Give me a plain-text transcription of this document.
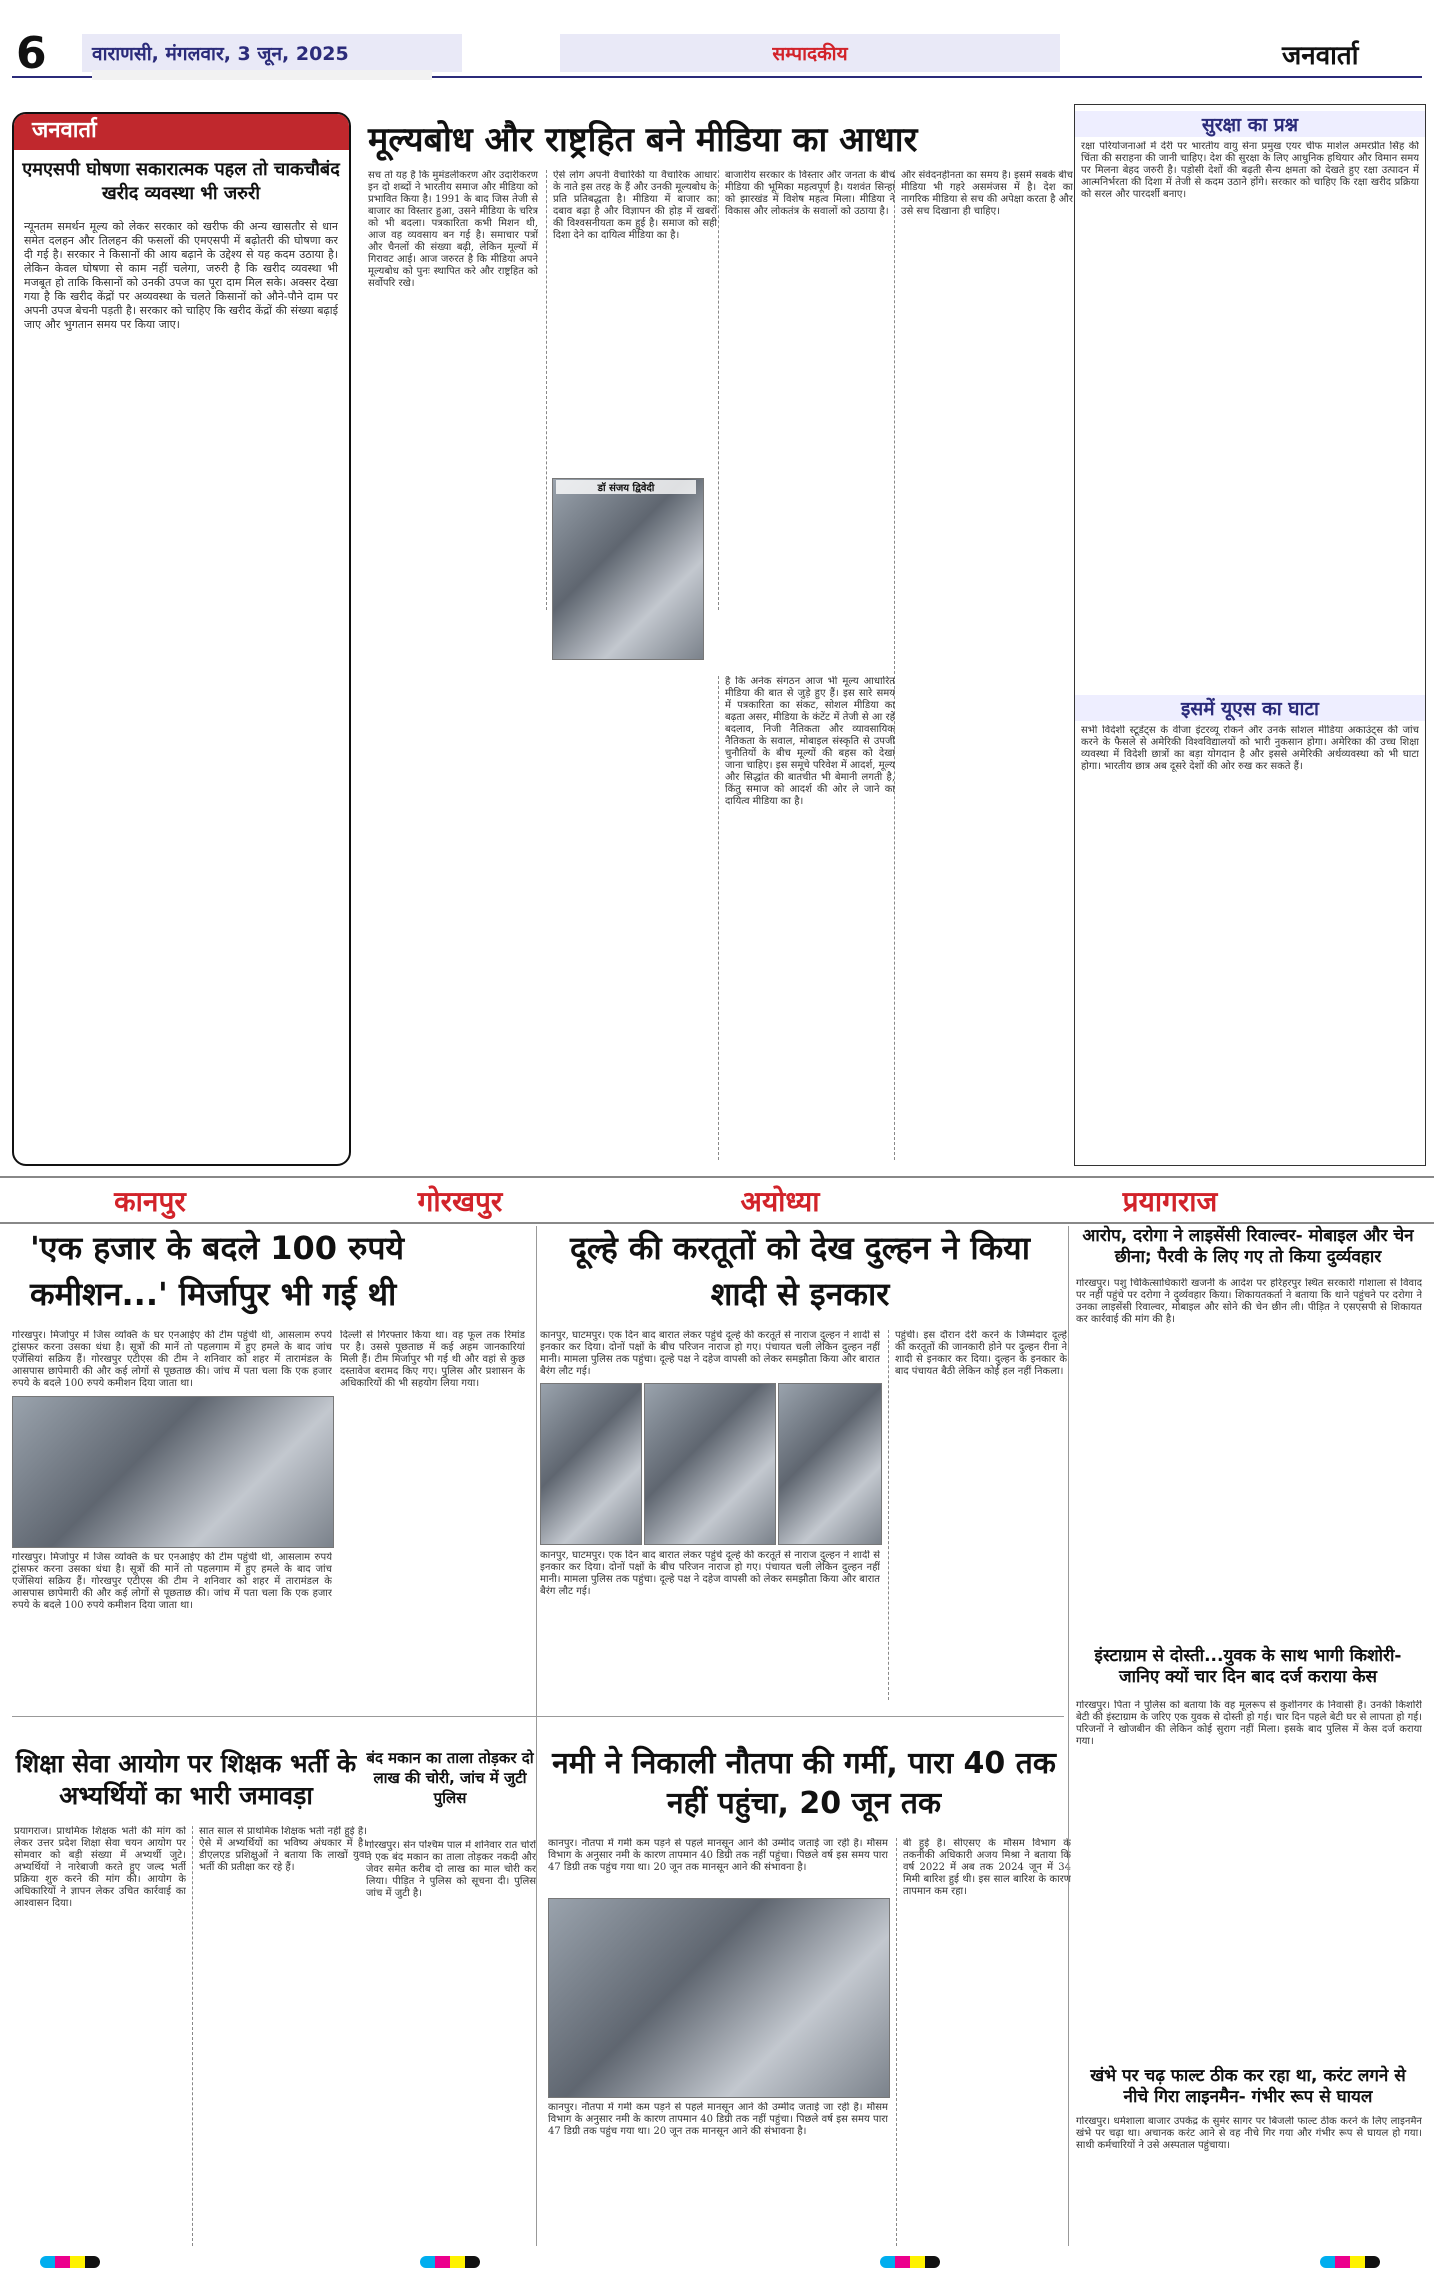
6	वाराणसी, मंगलवार, 3 जून, 2025	सम्पादकीय	जनवार्ता
जनवार्ता
एमएसपी घोषणा सकारात्मक पहल तो चाकचौबंद खरीद व्यवस्था भी जरुरी
न्यूनतम समर्थन मूल्य को लेकर सरकार को खरीफ की अन्य खासतौर से धान समेत दलहन और तिलहन की फसलों की एमएसपी में बढ़ोतरी की घोषणा कर दी गई है। सरकार ने किसानों की आय बढ़ाने के उद्देश्य से यह कदम उठाया है। लेकिन केवल घोषणा से काम नहीं चलेगा, जरुरी है कि खरीद व्यवस्था भी मजबूत हो ताकि किसानों को उनकी उपज का पूरा दाम मिल सके। अक्सर देखा गया है कि खरीद केंद्रों पर अव्यवस्था के चलते किसानों को औने-पौने दाम पर अपनी उपज बेचनी पड़ती है। सरकार को चाहिए कि खरीद केंद्रों की संख्या बढ़ाई जाए और भुगतान समय पर किया जाए।
मूल्यबोध और राष्ट्रहित बने मीडिया का आधार
सच तो यह है कि मुमंडलीकरण और उदारीकरण इन दो शब्दों ने भारतीय समाज और मीडिया को प्रभावित किया है। 1991 के बाद जिस तेजी से बाजार का विस्तार हुआ, उसने मीडिया के चरित्र को भी बदला। पत्रकारिता कभी मिशन थी, आज वह व्यवसाय बन गई है। समाचार पत्रों और चैनलों की संख्या बढ़ी, लेकिन मूल्यों में गिरावट आई। आज जरुरत है कि मीडिया अपने मूल्यबोध को पुनः स्थापित करे और राष्ट्रहित को सर्वोपरि रखे।
ऐसे लोग अपनी वैचारिकी या वैचारिक आधार के नाते इस तरह के हैं और उनकी मूल्यबोध के प्रति प्रतिबद्धता है। मीडिया में बाजार का दबाव बढ़ा है और विज्ञापन की होड़ में खबरों की विश्वसनीयता कम हुई है। समाज को सही दिशा देने का दायित्व मीडिया का है।
डॉ संजय द्विवेदी
बाजारीय सरकार के विस्तार और जनता के बीच मीडिया की भूमिका महत्वपूर्ण है। यशवंत सिन्हा को झारखंड में विशेष महत्व मिला। मीडिया ने विकास और लोकतंत्र के सवालों को उठाया है।
और संवेदनहीनता का समय है। इसमें सबके बीच मीडिया भी गहरे असमंजस में है। देश का नागरिक मीडिया से सच की अपेक्षा करता है और उसे सच दिखाना ही चाहिए।
है कि अनेक संगठन आज भी मूल्य आधारित मीडिया की बात से जुड़े हुए हैं। इस सारे समय में पत्रकारिता का संकट, सोशल मीडिया का बढ़ता असर, मीडिया के कंटेंट में तेजी से आ रहे बदलाव, निजी नैतिकता और व्यावसायिक नैतिकता के सवाल, मोबाइल संस्कृति से उपजी चुनौतियों के बीच मूल्यों की बहस को देखा जाना चाहिए। इस समूचे परिवेश में आदर्श, मूल्य और सिद्धांत की बातचीत भी बेमानी लगती है, किंतु समाज को आदर्श की ओर ले जाने का दायित्व मीडिया का है।
सुरक्षा का प्रश्न
रक्षा परियोजनाओं में देरी पर भारतीय वायु सेना प्रमुख एयर चीफ मार्शल अमरप्रीत सिंह की चिंता की सराहना की जानी चाहिए। देश की सुरक्षा के लिए आधुनिक हथियार और विमान समय पर मिलना बेहद जरुरी है। पड़ोसी देशों की बढ़ती सैन्य क्षमता को देखते हुए रक्षा उत्पादन में आत्मनिर्भरता की दिशा में तेजी से कदम उठाने होंगे। सरकार को चाहिए कि रक्षा खरीद प्रक्रिया को सरल और पारदर्शी बनाए।
इसमें यूएस का घाटा
सभी विदेशी स्टूडेंट्स के वीजा इंटरव्यू रोकने और उनके सोशल मीडिया अकाउंट्स की जांच करने के फैसले से अमेरिकी विश्वविद्यालयों को भारी नुकसान होगा। अमेरिका की उच्च शिक्षा व्यवस्था में विदेशी छात्रों का बड़ा योगदान है और इससे अमेरिकी अर्थव्यवस्था को भी घाटा होगा। भारतीय छात्र अब दूसरे देशों की ओर रुख कर सकते हैं।
कानपुर	गोरखपुर	अयोध्या	प्रयागराज
'एक हजार के बदले 100 रुपये कमीशन...' मिर्जापुर भी गई थी
गोरखपुर। मिर्जापुर में जिस व्यक्ति के घर एनआईए की टीम पहुंची थी, आसलाम रुपये ट्रांसफर करना उसका धंधा है। सूत्रों की मानें तो पहलगाम में हुए हमले के बाद जांच एजेंसियां सक्रिय हैं। गोरखपुर एटीएस की टीम ने शनिवार को शहर में तारामंडल के आसपास छापेमारी की और कई लोगों से पूछताछ की। जांच में पता चला कि एक हजार रुपये के बदले 100 रुपये कमीशन दिया जाता था।
दिल्ली से गिरफ्तार किया था। वह फूल तक रिमांड पर है। उससे पूछताछ में कई अहम जानकारियां मिली हैं। टीम मिर्जापुर भी गई थी और वहां से कुछ दस्तावेज बरामद किए गए। पुलिस और प्रशासन के अधिकारियों की भी सहयोग लिया गया।
गोरखपुर। मिर्जापुर में जिस व्यक्ति के घर एनआईए की टीम पहुंची थी, आसलाम रुपये ट्रांसफर करना उसका धंधा है। सूत्रों की मानें तो पहलगाम में हुए हमले के बाद जांच एजेंसियां सक्रिय हैं। गोरखपुर एटीएस की टीम ने शनिवार को शहर में तारामंडल के आसपास छापेमारी की और कई लोगों से पूछताछ की। जांच में पता चला कि एक हजार रुपये के बदले 100 रुपये कमीशन दिया जाता था।
दूल्हे की करतूतों को देख दुल्हन ने किया शादी से इनकार
कानपुर, घाटमपुर। एक दिन बाद बारात लेकर पहुंचे दूल्हे की करतूतें से नाराज दुल्हन ने शादी से इनकार कर दिया। दोनों पक्षों के बीच परिजन नाराज हो गए। पंचायत चली लेकिन दुल्हन नहीं मानी। मामला पुलिस तक पहुंचा। दूल्हे पक्ष ने दहेज वापसी को लेकर समझौता किया और बारात बैरंग लौट गई।
कानपुर, घाटमपुर। एक दिन बाद बारात लेकर पहुंचे दूल्हे की करतूतें से नाराज दुल्हन ने शादी से इनकार कर दिया। दोनों पक्षों के बीच परिजन नाराज हो गए। पंचायत चली लेकिन दुल्हन नहीं मानी। मामला पुलिस तक पहुंचा। दूल्हे पक्ष ने दहेज वापसी को लेकर समझौता किया और बारात बैरंग लौट गई।
पहुंची। इस दौरान देरी करने के जिम्मेदार दूल्हे की करतूतों की जानकारी होने पर दुल्हन रीना ने शादी से इनकार कर दिया। दुल्हन के इनकार के बाद पंचायत बैठी लेकिन कोई हल नहीं निकला।
आरोप, दरोगा ने लाइसेंसी रिवाल्वर- मोबाइल और चेन छीना; पैरवी के लिए गए तो किया दुर्व्यवहार
गोरखपुर। पशु चिकित्साधिकारी खजनी के आदेश पर हरिहरपुर स्थित सरकारी गोशाला से विवाद पर नहीं पहुंचे पर दरोगा ने दुर्व्यवहार किया। शिकायतकर्ता ने बताया कि थाने पहुंचने पर दरोगा ने उनका लाइसेंसी रिवाल्वर, मोबाइल और सोने की चेन छीन ली। पीड़ित ने एसएसपी से शिकायत कर कार्रवाई की मांग की है।
इंस्टाग्राम से दोस्ती...युवक के साथ भागी किशोरी- जानिए क्यों चार दिन बाद दर्ज कराया केस
गोरखपुर। पिता ने पुलिस को बताया कि वह मूलरूप से कुशीनगर के निवासी हैं। उनकी किशोरी बेटी की इंस्टाग्राम के जरिए एक युवक से दोस्ती हो गई। चार दिन पहले बेटी घर से लापता हो गई। परिजनों ने खोजबीन की लेकिन कोई सुराग नहीं मिला। इसके बाद पुलिस में केस दर्ज कराया गया।
खंभे पर चढ़ फाल्ट ठीक कर रहा था, करंट लगने से नीचे गिरा लाइनमैन- गंभीर रूप से घायल
गोरखपुर। धर्मशाला बाजार उपकेंद्र के सुमेर सागर पर बिजली फाल्ट ठीक करने के लिए लाइनमैन खंभे पर चढ़ा था। अचानक करंट आने से वह नीचे गिर गया और गंभीर रूप से घायल हो गया। साथी कर्मचारियों ने उसे अस्पताल पहुंचाया।
शिक्षा सेवा आयोग पर शिक्षक भर्ती के अभ्यर्थियों का भारी जमावड़ा
प्रयागराज। प्राथमिक शिक्षक भर्ती की मांग को लेकर उत्तर प्रदेश शिक्षा सेवा चयन आयोग पर सोमवार को बड़ी संख्या में अभ्यर्थी जुटे। अभ्यर्थियों ने नारेबाजी करते हुए जल्द भर्ती प्रक्रिया शुरु करने की मांग की। आयोग के अधिकारियों ने ज्ञापन लेकर उचित कार्रवाई का आश्वासन दिया।
सात साल से प्राथमिक शिक्षक भर्ती नहीं हुई है। ऐसे में अभ्यर्थियों का भविष्य अंधकार में है। डीएलएड प्रशिक्षुओं ने बताया कि लाखों युवा भर्ती की प्रतीक्षा कर रहे हैं।
बंद मकान का ताला तोड़कर दो लाख की चोरी, जांच में जुटी पुलिस
गोरखपुर। सेन पश्चिम पाल में शनिवार रात चोरों ने एक बंद मकान का ताला तोड़कर नकदी और जेवर समेत करीब दो लाख का माल चोरी कर लिया। पीड़ित ने पुलिस को सूचना दी। पुलिस जांच में जुटी है।
नमी ने निकाली नौतपा की गर्मी, पारा 40 तक नहीं पहुंचा, 20 जून तक
कानपुर। नौतपा में गर्मी कम पड़ने से पहले मानसून आने की उम्मीद जताई जा रही है। मौसम विभाग के अनुसार नमी के कारण तापमान 40 डिग्री तक नहीं पहुंचा। पिछले वर्ष इस समय पारा 47 डिग्री तक पहुंच गया था। 20 जून तक मानसून आने की संभावना है।
कानपुर। नौतपा में गर्मी कम पड़ने से पहले मानसून आने की उम्मीद जताई जा रही है। मौसम विभाग के अनुसार नमी के कारण तापमान 40 डिग्री तक नहीं पहुंचा। पिछले वर्ष इस समय पारा 47 डिग्री तक पहुंच गया था। 20 जून तक मानसून आने की संभावना है।
बी हुई है। सीएसए के मौसम विभाग के तकनीकी अधिकारी अजय मिश्रा ने बताया कि वर्ष 2022 में अब तक 2024 जून में 34 मिमी बारिश हुई थी। इस साल बारिश के कारण तापमान कम रहा।
